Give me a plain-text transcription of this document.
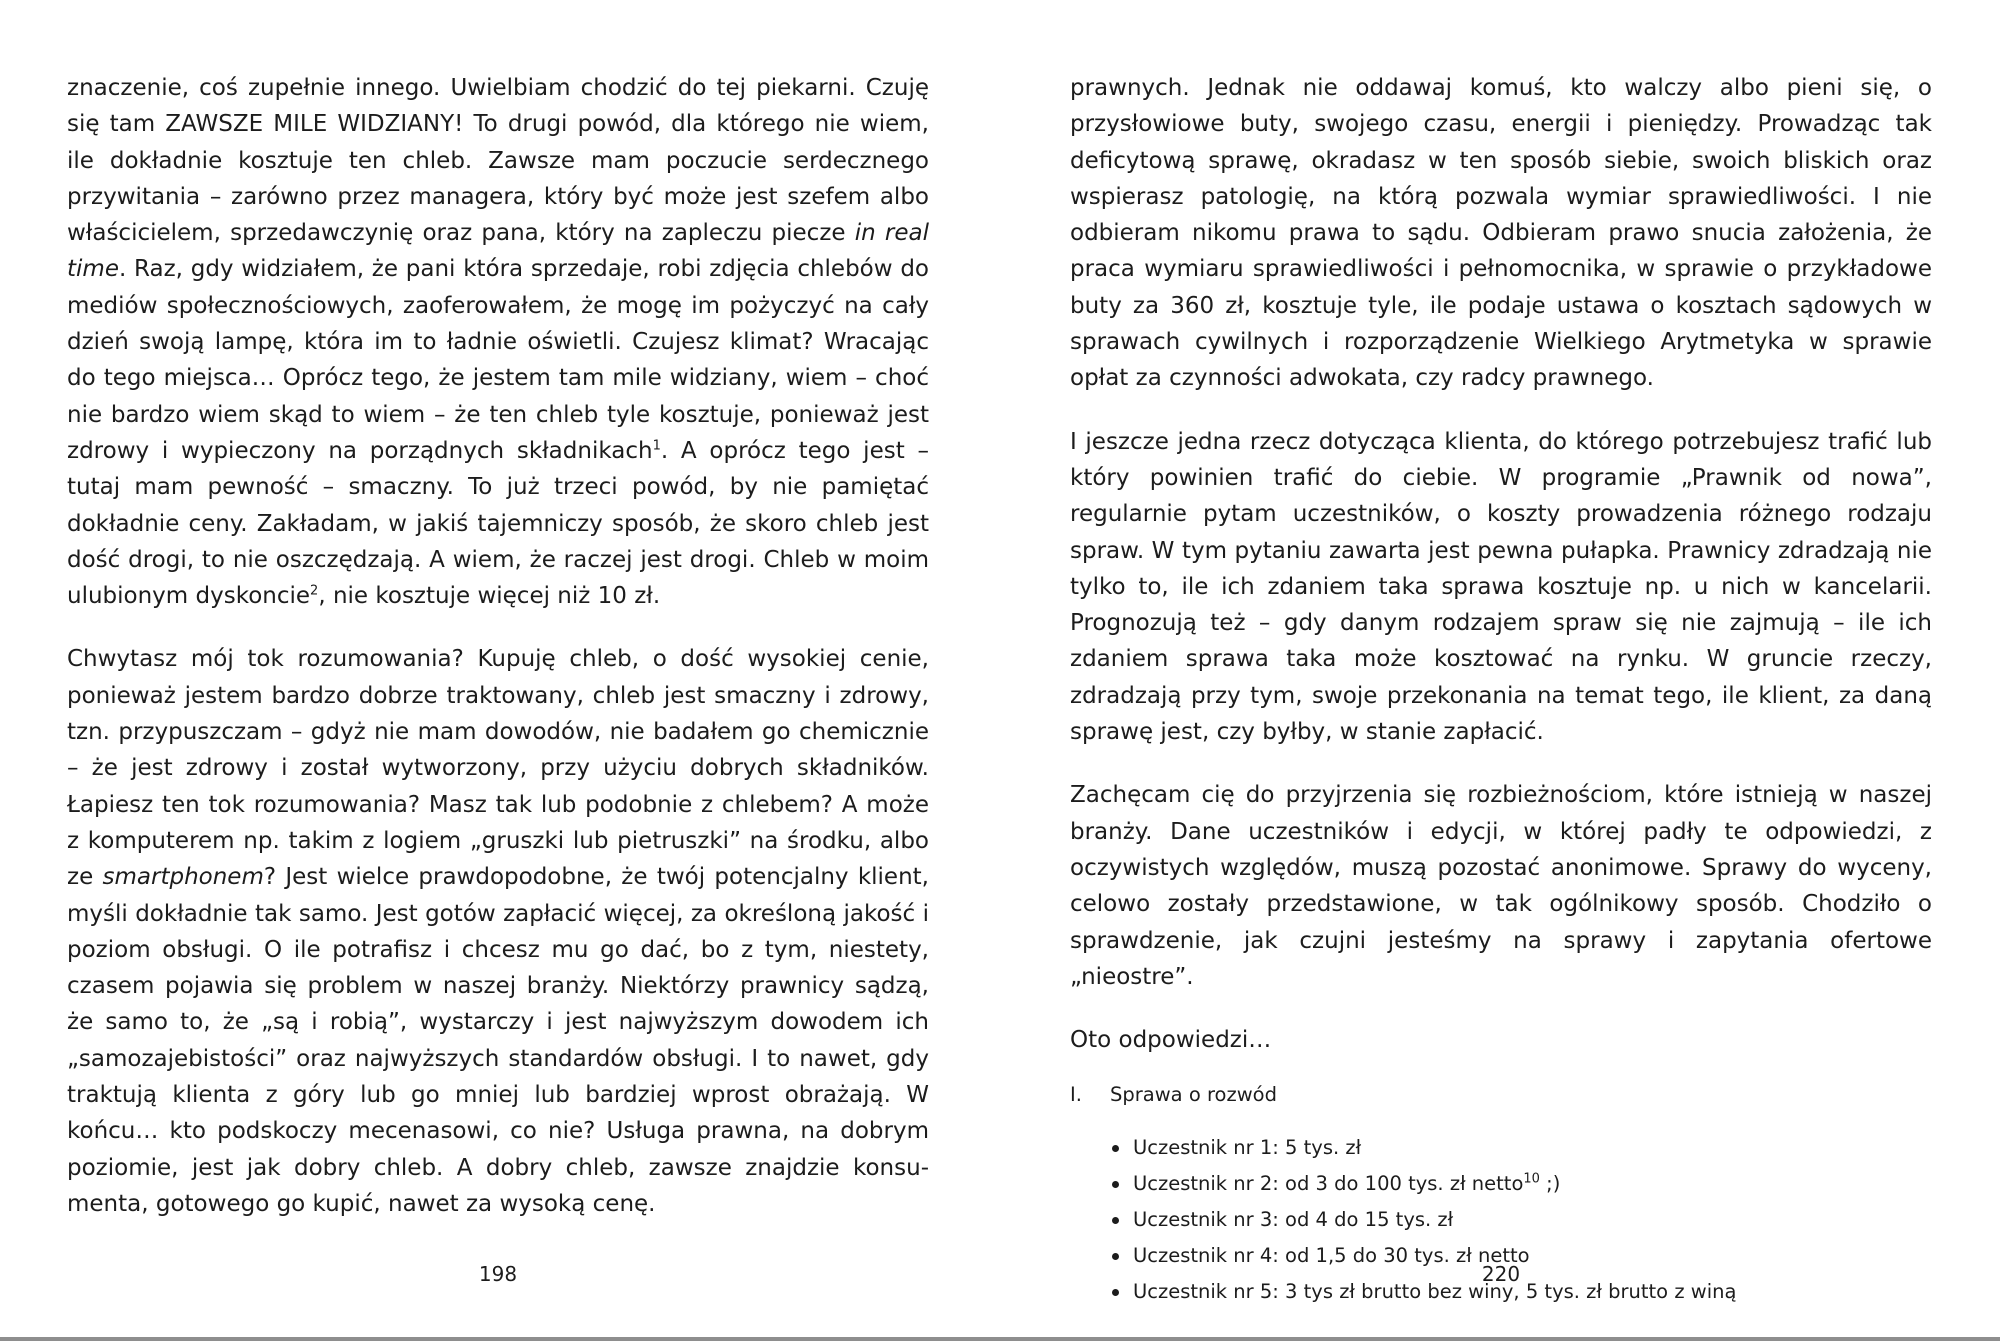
znaczenie, coś zupełnie innego. Uwielbiam chodzić do tej piekarni. Czuję się tam ZAWSZE MILE WIDZIANY! To drugi powód, dla którego nie wiem, ile dokładnie kosztuje ten chleb. Zawsze mam poczucie serdecznego przywitania – zarówno przez managera, który być może jest szefem albo właścicielem, sprzedawczynię oraz pana, który na zapleczu piecze in real time. Raz, gdy widziałem, że pani która sprzedaje, robi zdjęcia chlebów do mediów społecznościowych, zaoferowałem, że mogę im pożyczyć na cały dzień swoją lampę, która im to ładnie oświetli. Czujesz klimat? Wracając do tego miejsca… Oprócz tego, że jestem tam mile widziany, wiem – choć nie bardzo wiem skąd to wiem – że ten chleb tyle kosztuje, ponieważ jest zdrowy i wypieczony na porządnych składnikach$^1$. A oprócz tego jest – tutaj mam pewność – smaczny. To już trzeci powód, by nie pamiętać dokładnie ceny. Zakładam, w jakiś tajemniczy sposób, że skoro chleb jest dość drogi, to nie oszczędzają. A wiem, że raczej jest drogi. Chleb w moim ulubionym dyskoncie$^2$, nie kosztuje więcej niż 10 zł.

Chwytasz mój tok rozumowania? Kupuję chleb, o dość wysokiej cenie, ponieważ jestem bardzo dobrze traktowany, chleb jest smaczny i zdrowy, tzn. przypuszczam – gdyż nie mam dowodów, nie badałem go chemicznie – że jest zdrowy i został wytworzony, przy użyciu dobrych składników. Łapiesz ten tok rozumowania? Masz tak lub podobnie z chlebem? A może z komputerem np. takim z logiem „gruszki lub pietruszki” na środku, albo ze smartphonem? Jest wielce prawdopodobne, że twój potencjalny klient, myśli dokładnie tak samo. Jest gotów zapłacić więcej, za określoną jakość i poziom obsługi. O ile potrafisz i chcesz mu go dać, bo z tym, niestety, czasem pojawia się problem w naszej branży. Niektórzy prawnicy sądzą, że samo to, że „są i robią”, wystarczy i jest najwyższym dowodem ich „samozajebistości” oraz najwyższych standardów obsługi. I to nawet, gdy traktują klienta z góry lub go mniej lub bardziej wprost obrażają. W końcu… kto podskoczy mecenasowi, co nie? Usługa prawna, na dobrym poziomie, jest jak dobry chleb. A dobry chleb, zawsze znajdzie konsumenta, gotowego go kupić, nawet za wysoką cenę.

198

prawnych. Jednak nie oddawaj komuś, kto walczy albo pieni się, o przysłowiowe buty, swojego czasu, energii i pieniędzy. Prowadząc tak deficytową sprawę, okradasz w ten sposób siebie, swoich bliskich oraz wspierasz patologię, na którą pozwala wymiar sprawiedliwości. I nie odbieram nikomu prawa to sądu. Odbieram prawo snucia założenia, że praca wymiaru sprawiedliwości i pełnomocnika, w sprawie o przykładowe buty za 360 zł, kosztuje tyle, ile podaje ustawa o kosztach sądowych w sprawach cywilnych i rozporządzenie Wielkiego Arytmetyka w sprawie opłat za czynności adwokata, czy radcy prawnego.

I jeszcze jedna rzecz dotycząca klienta, do którego potrzebujesz trafić lub który powinien trafić do ciebie. W programie „Prawnik od nowa”, regularnie pytam uczestników, o koszty prowadzenia różnego rodzaju spraw. W tym pytaniu zawarta jest pewna pułapka. Prawnicy zdradzają nie tylko to, ile ich zdaniem taka sprawa kosztuje np. u nich w kancelarii. Prognozują też – gdy danym rodzajem spraw się nie zajmują – ile ich zdaniem sprawa taka może kosztować na rynku. W gruncie rzeczy, zdradzają przy tym, swoje przekonania na temat tego, ile klient, za daną sprawę jest, czy byłby, w stanie zapłacić.

Zachęcam cię do przyjrzenia się rozbieżnościom, które istnieją w naszej branży. Dane uczestników i edycji, w której padły te odpowiedzi, z oczywistych względów, muszą pozostać anonimowe. Sprawy do wyceny, celowo zostały przedstawione, w tak ogólnikowy sposób. Chodziło o sprawdzenie, jak czujni jesteśmy na sprawy i zapytania ofertowe „nieostre”.

Oto odpowiedzi…

I.	Sprawa o rozwód
Uczestnik nr 1: 5 tys. zł
Uczestnik nr 2: od 3 do 100 tys. zł netto$^{10}$ ;)
Uczestnik nr 3: od 4 do 15 tys. zł
Uczestnik nr 4: od 1,5 do 30 tys. zł netto
Uczestnik nr 5: 3 tys zł brutto bez winy, 5 tys. zł brutto z winą
220
